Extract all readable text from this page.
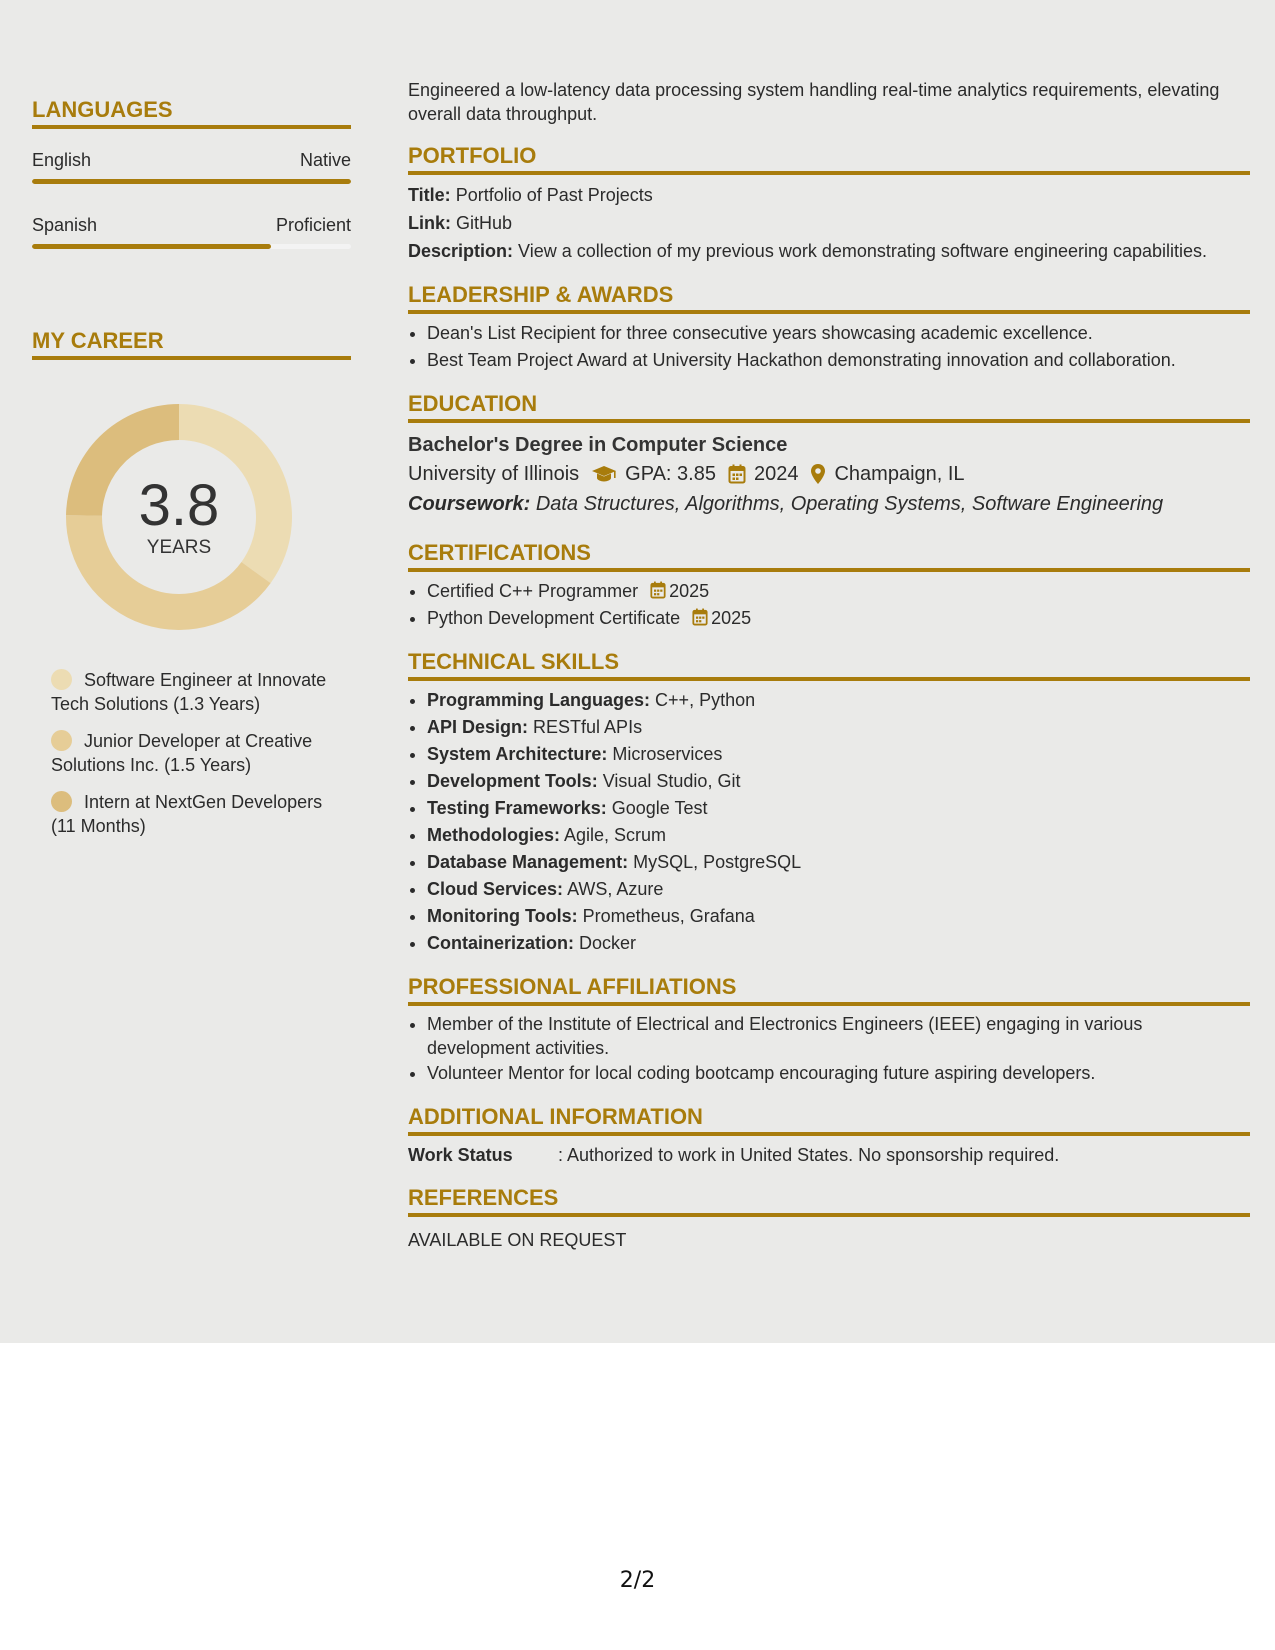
LANGUAGES
English	Native
Spanish	Proficient
MY CAREER
3.8
YEARS
Software Engineer at Innovate Tech Solutions (1.3 Years)
Junior Developer at Creative Solutions Inc. (1.5 Years)
Intern at NextGen Developers (11 Months)
Engineered a low-latency data processing system handling real-time analytics requirements, elevating overall data throughput.
PORTFOLIO
Title: Portfolio of Past Projects
Link: GitHub
Description: View a collection of my previous work demonstrating software engineering capabilities.
LEADERSHIP & AWARDS
• Dean's List Recipient for three consecutive years showcasing academic excellence.
• Best Team Project Award at University Hackathon demonstrating innovation and collaboration.
EDUCATION
Bachelor's Degree in Computer Science
University of Illinois GPA: 3.85 2024 Champaign, IL
Coursework: Data Structures, Algorithms, Operating Systems, Software Engineering
CERTIFICATIONS
• Certified C++ Programmer 2025
• Python Development Certificate 2025
TECHNICAL SKILLS
• Programming Languages: C++, Python
• API Design: RESTful APIs
• System Architecture: Microservices
• Development Tools: Visual Studio, Git
• Testing Frameworks: Google Test
• Methodologies: Agile, Scrum
• Database Management: MySQL, PostgreSQL
• Cloud Services: AWS, Azure
• Monitoring Tools: Prometheus, Grafana
• Containerization: Docker
PROFESSIONAL AFFILIATIONS
• Member of the Institute of Electrical and Electronics Engineers (IEEE) engaging in various development activities.
• Volunteer Mentor for local coding bootcamp encouraging future aspiring developers.
ADDITIONAL INFORMATION
Work Status	: Authorized to work in United States. No sponsorship required.
REFERENCES
AVAILABLE ON REQUEST
2/2
